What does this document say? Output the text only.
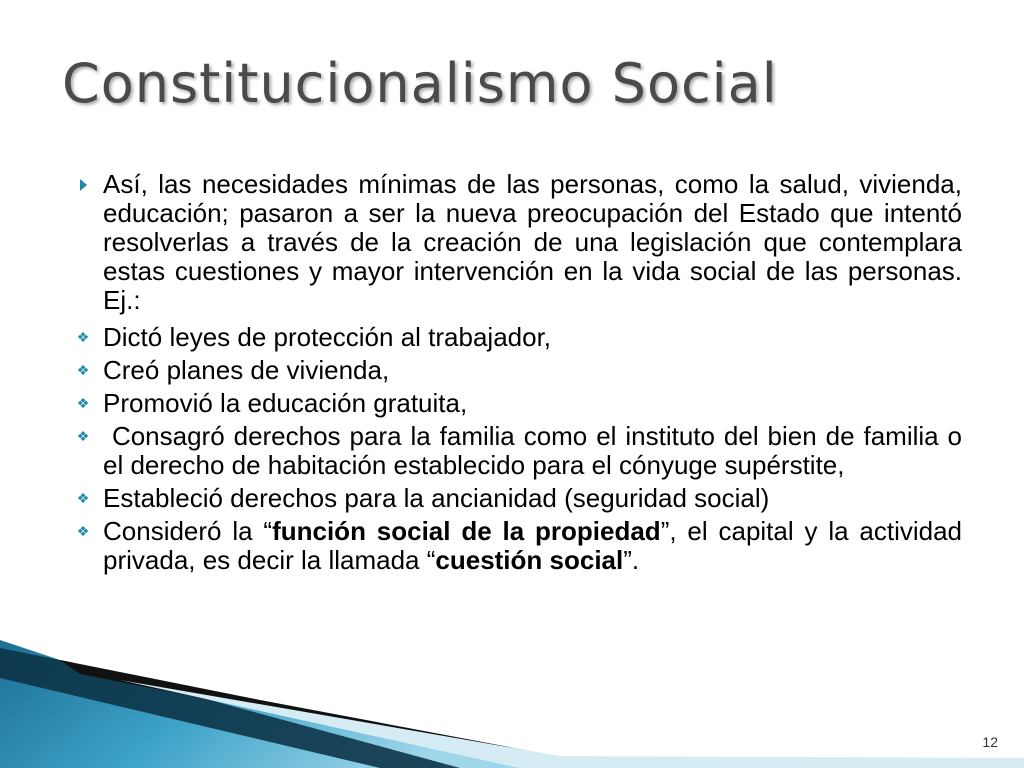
Constitucionalismo Social
Así, las necesidades mínimas de las personas, como la salud, vivienda, educación; pasaron a ser la nueva preocupación del Estado que intentó resolverlas a través de la creación de una legislación que contemplara estas cuestiones y mayor intervención en la vida social de las personas. Ej.:
❖ Dictó leyes de protección al trabajador,
❖ Creó planes de vivienda,
❖ Promovió la educación gratuita,
❖ Consagró derechos para la familia como el instituto del bien de familia o el derecho de habitación establecido para el cónyuge supérstite,
❖ Estableció derechos para la ancianidad (seguridad social)
❖ Consideró la “función social de la propiedad”, el capital y la actividad privada, es decir la llamada “cuestión social”.
12
